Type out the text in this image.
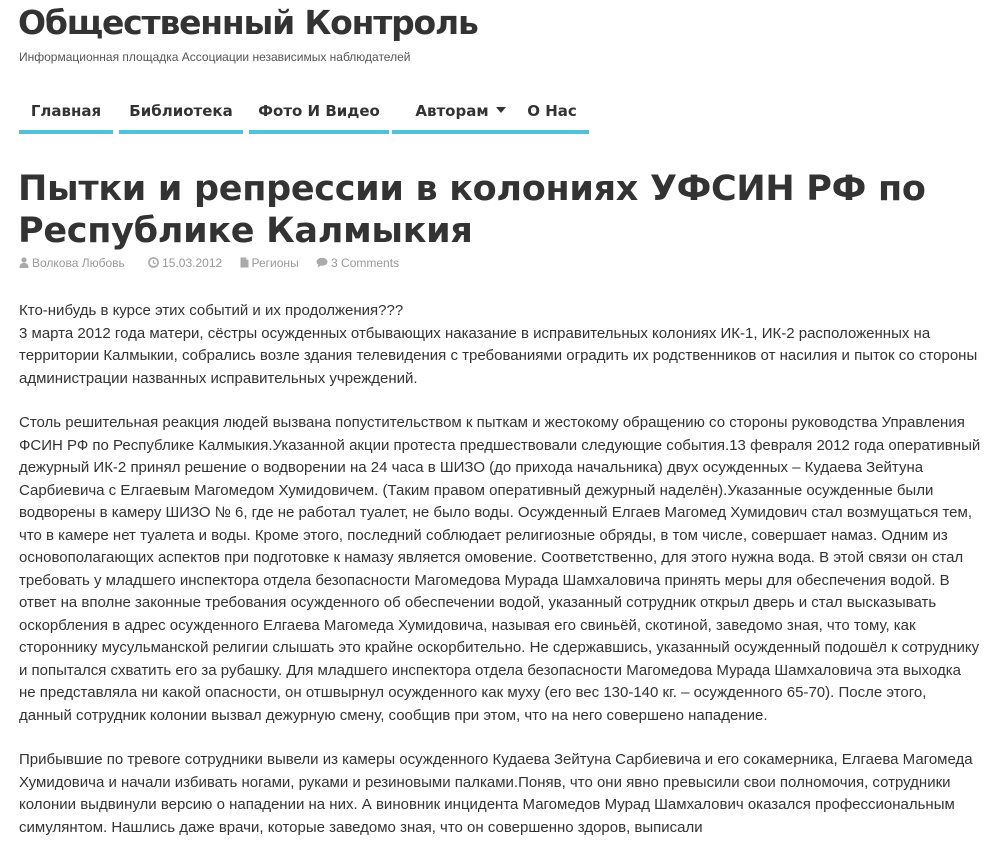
Общественный Контроль
Информационная площадка Ассоциации независимых наблюдателей
Главная	Библиотека	Фото И Видео	Авторам	О Нас
Пытки и репрессии в колониях УФСИН РФ по Республике Калмыкия
Волкова Любовь	15.03.2012 Регионы	3 Comments

Кто-нибудь в курсе этих событий и их продолжения???
3 марта 2012 года матери, сёстры осужденных отбывающих наказание в исправительных колониях ИК-1, ИК-2 расположенных на территории Калмыкии, собрались возле здания телевидения с требованиями оградить их родственников от насилия и пыток со стороны администрации названных исправительных учреждений.

Столь решительная реакция людей вызвана попустительством к пыткам и жестокому обращению со стороны руководства Управления ФСИН РФ по Республике Калмыкия.Указанной акции протеста предшествовали следующие события.13 февраля 2012 года оперативный дежурный ИК-2 принял решение о водворении на 24 часа в ШИЗО (до прихода начальника) двух осужденных – Кудаева Зейтуна Сарбиевича с Елгаевым Магомедом Хумидовичем. (Таким правом оперативный дежурный наделён).Указанные осужденные были водворены в камеру ШИЗО № 6, где не работал туалет, не было воды. Осужденный Елгаев Магомед Хумидович стал возмущаться тем, что в камере нет туалета и воды. Кроме этого, последний соблюдает религиозные обряды, в том числе, совершает намаз. Одним из основополагающих аспектов при подготовке к намазу является омовение. Соответственно, для этого нужна вода. В этой связи он стал требовать у младшего инспектора отдела безопасности Магомедова Мурада Шамхаловича принять меры для обеспечения водой. В ответ на вполне законные требования осужденного об обеспечении водой, указанный сотрудник открыл дверь и стал высказывать оскорбления в адрес осужденного Елгаева Магомеда Хумидовича, называя его свиньёй, скотиной, заведомо зная, что тому, как стороннику мусульманской религии слышать это крайне оскорбительно. Не сдержавшись, указанный осужденный подошёл к сотруднику и попытался схватить его за рубашку. Для младшего инспектора отдела безопасности Магомедова Мурада Шамхаловича эта выходка не представляла ни какой опасности, он отшвырнул осужденного как муху (его вес 130-140 кг. – осужденного 65-70). После этого, данный сотрудник колонии вызвал дежурную смену, сообщив при этом, что на него совершено нападение.

Прибывшие по тревоге сотрудники вывели из камеры осужденного Кудаева Зейтуна Сарбиевича и его сокамерника, Елгаева Магомеда Хумидовича и начали избивать ногами, руками и резиновыми палками.Поняв, что они явно превысили свои полномочия, сотрудники колонии выдвинули версию о нападении на них. А виновник инцидента Магомедов Мурад Шамхалович оказался профессиональным симулянтом. Нашлись даже врачи, которые заведомо зная, что он совершенно здоров, выписали
